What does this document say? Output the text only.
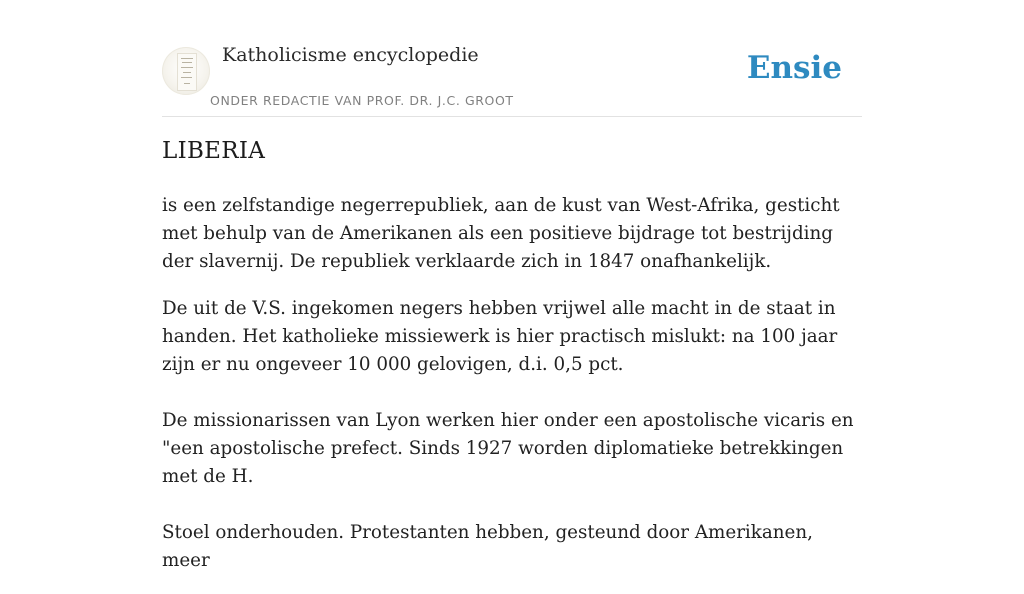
Katholicisme encyclopedie
ONDER REDACTIE VAN PROF. DR. J.C. GROOT
Ensie
LIBERIA

is een zelfstandige negerrepubliek, aan de kust van West-Afrika, gesticht met behulp van de Amerikanen als een positieve bijdrage tot bestrijding der slavernij. De republiek verklaarde zich in 1847 onafhankelijk.

De uit de V.S. ingekomen negers hebben vrijwel alle macht in de staat in handen. Het katholieke missiewerk is hier practisch mislukt: na 100 jaar zijn er nu ongeveer 10 000 gelovigen, d.i. 0,5 pct.

De missionarissen van Lyon werken hier onder een apostolische vicaris en "een apostolische prefect. Sinds 1927 worden diplomatieke betrekkingen met de H.

Stoel onderhouden. Protestanten hebben, gesteund door Amerikanen, meer
